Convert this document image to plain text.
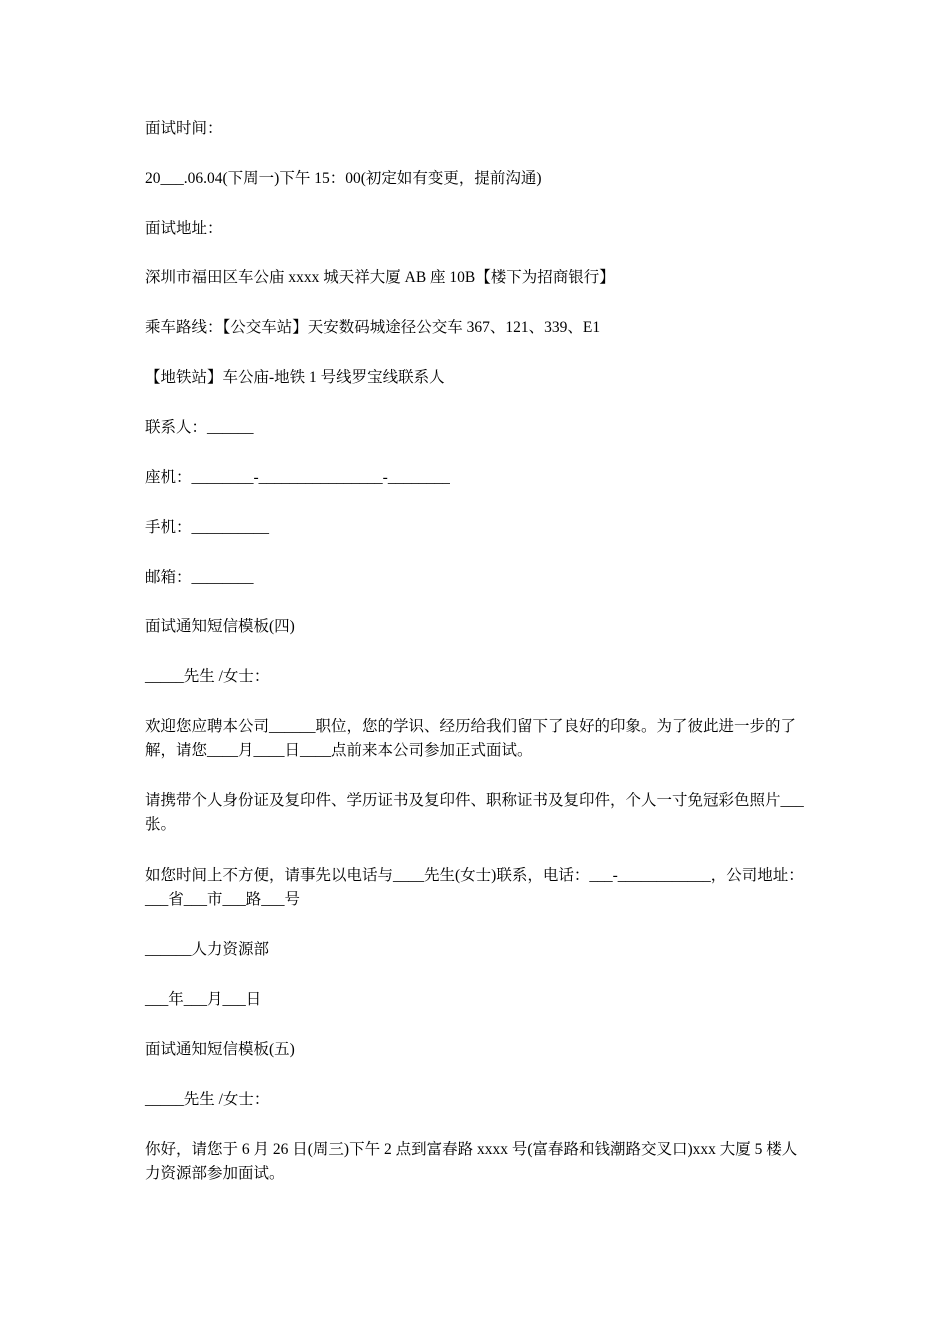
面试时间：

20___.06.04(下周一)下午 15：00(初定如有变更，提前沟通)

面试地址：

深圳市福田区车公庙 xxxx 城天祥大厦 AB 座 10B【楼下为招商银行】

乘车路线：【公交车站】天安数码城途径公交车 367、121、339、E1

【地铁站】车公庙-地铁 1 号线罗宝线联系人

联系人：______

座机：________-________________-________

手机：__________

邮箱：________

面试通知短信模板(四)

_____先生 /女士：

欢迎您应聘本公司______职位，您的学识、经历给我们留下了良好的印象。为了彼此进一步的了解，请您____月____日____点前来本公司参加正式面试。

请携带个人身份证及复印件、学历证书及复印件、职称证书及复印件，个人一寸免冠彩色照片___张。

如您时间上不方便，请事先以电话与____先生(女士)联系，电话：___-____________，公司地址：___省___市___路___号

______人力资源部

___年___月___日

面试通知短信模板(五)

_____先生 /女士：

你好，请您于 6 月 26 日(周三)下午 2 点到富春路 xxxx 号(富春路和钱潮路交叉口)xxx 大厦 5 楼人力资源部参加面试。
